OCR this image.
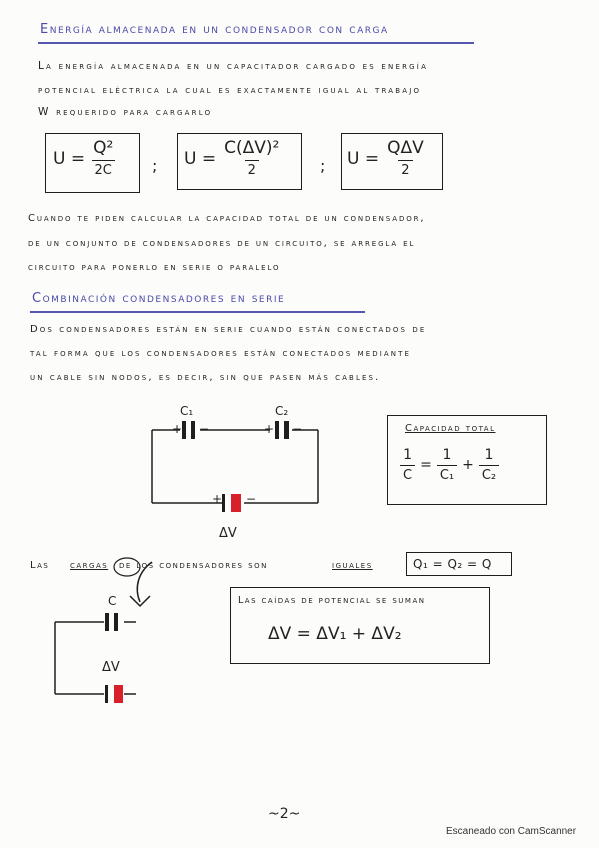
Energía almacenada en un condensador con carga
La energía almacenada en un capacitador cargado es energía
potencial eléctrica la cual es exactamente igual al trabajo
W requerido para cargarlo
$U = \frac{\text{Q²}}{2C}$ ; $U = \frac{\text{C(ΔV)²}}{2}$ ; $U = \frac{\text{QΔV}}{2}$
Cuando te piden calcular la capacidad total de un condensador,
de un conjunto de condensadores de un circuito, se arregla el
circuito para ponerlo en serie o paralelo
Combinación condensadores en serie
Dos condensadores están en serie cuando están conectados de
tal forma que los condensadores están conectados mediante
un cable sin nodos, es decir, sin que pasen más cables.
C₁	C₂
+ −	+ −
+ −
ΔV
Capacidad total
$\frac{1}{C} = \frac{1}{\text{C₁}} + \frac{1}{\text{C₂}}$
Las cargas de los condensadores son	iguales	Q₁ = Q₂ = Q
C
ΔV
Las caídas de potencial se suman
ΔV = ΔV₁ + ΔV₂
~2~
Escaneado con CamScanner
